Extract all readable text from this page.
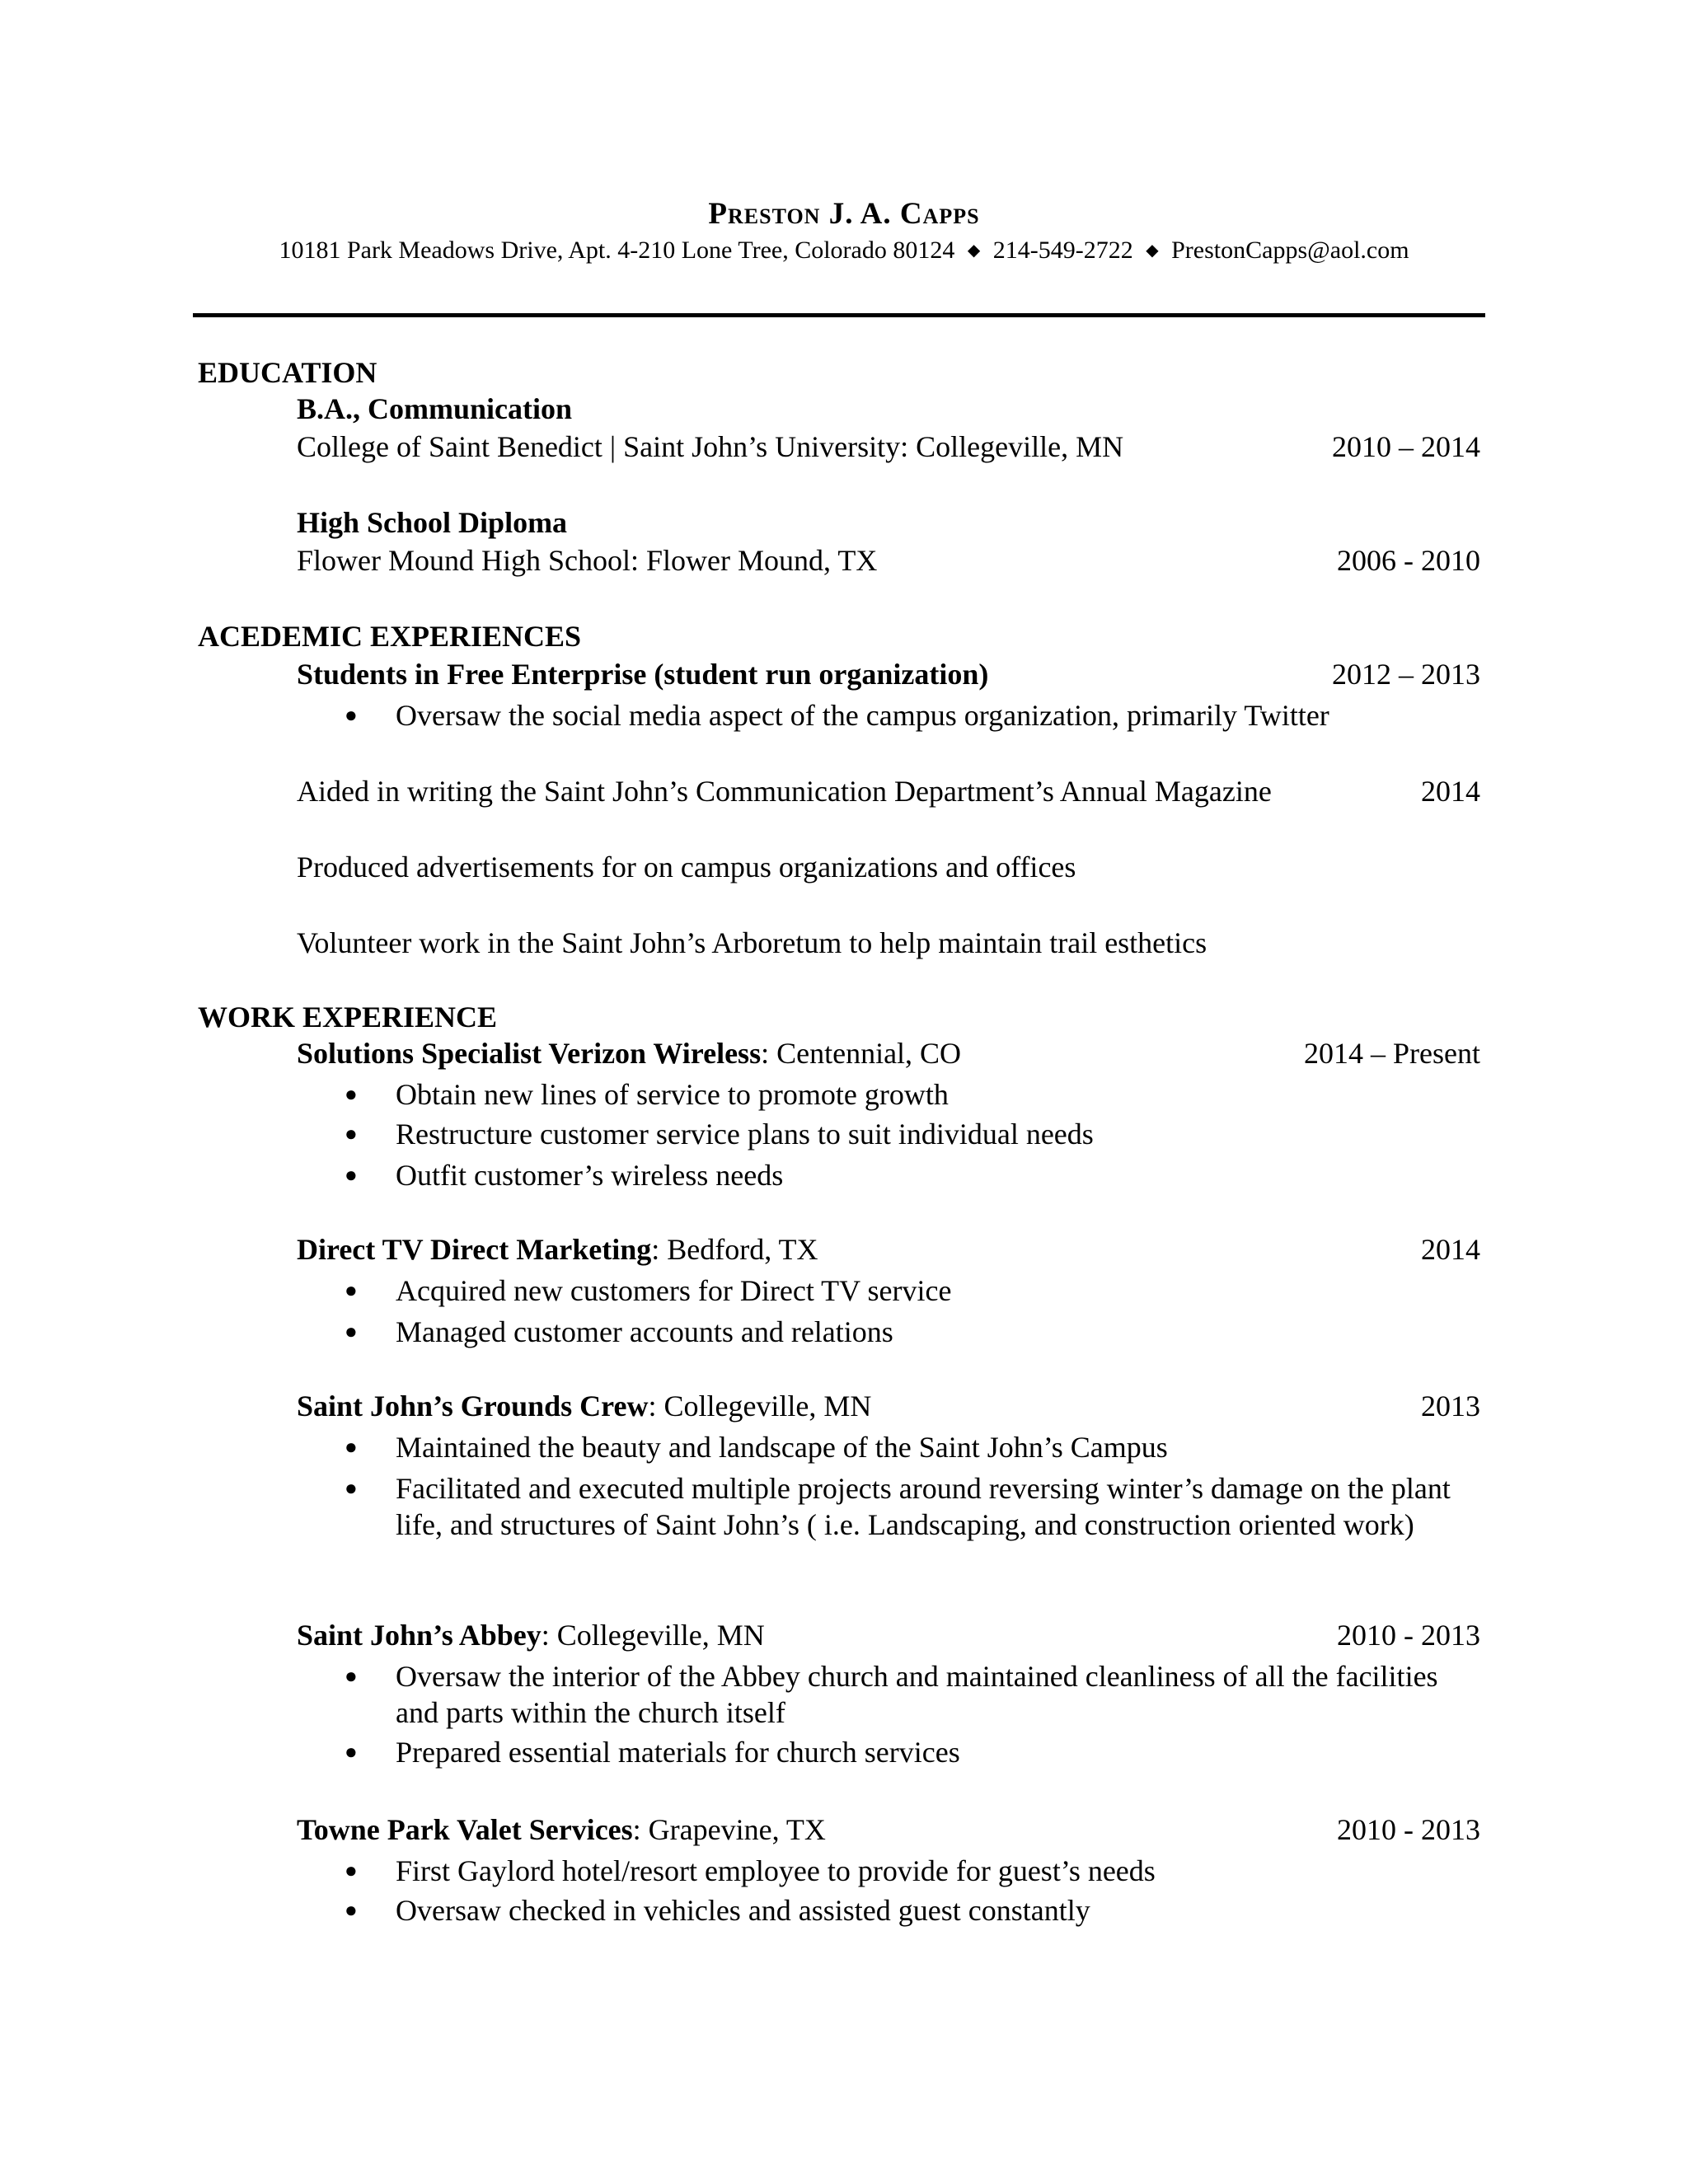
Preston J. A. Capps
10181 Park Meadows Drive, Apt. 4-210 Lone Tree, Colorado 80124 ◆ 214-549-2722 ◆ PrestonCapps@aol.com
EDUCATION
B.A., Communication
College of Saint Benedict | Saint John’s University: Collegeville, MN	2010 – 2014
High School Diploma
Flower Mound High School: Flower Mound, TX	2006 - 2010
ACEDEMIC EXPERIENCES
Students in Free Enterprise (student run organization)	2012 – 2013
● Oversaw the social media aspect of the campus organization, primarily Twitter
Aided in writing the Saint John’s Communication Department’s Annual Magazine	2014
Produced advertisements for on campus organizations and offices
Volunteer work in the Saint John’s Arboretum to help maintain trail esthetics
WORK EXPERIENCE
Solutions Specialist Verizon Wireless: Centennial, CO	2014 – Present
● Obtain new lines of service to promote growth
● Restructure customer service plans to suit individual needs
● Outfit customer’s wireless needs
Direct TV Direct Marketing: Bedford, TX	2014
● Acquired new customers for Direct TV service
● Managed customer accounts and relations
Saint John’s Grounds Crew: Collegeville, MN	2013
● Maintained the beauty and landscape of the Saint John’s Campus
● Facilitated and executed multiple projects around reversing winter’s damage on the plant life, and structures of Saint John’s ( i.e. Landscaping, and construction oriented work)
Saint John’s Abbey: Collegeville, MN	2010 - 2013
● Oversaw the interior of the Abbey church and maintained cleanliness of all the facilities and parts within the church itself
● Prepared essential materials for church services
Towne Park Valet Services: Grapevine, TX	2010 - 2013
● First Gaylord hotel/resort employee to provide for guest’s needs
● Oversaw checked in vehicles and assisted guest constantly
